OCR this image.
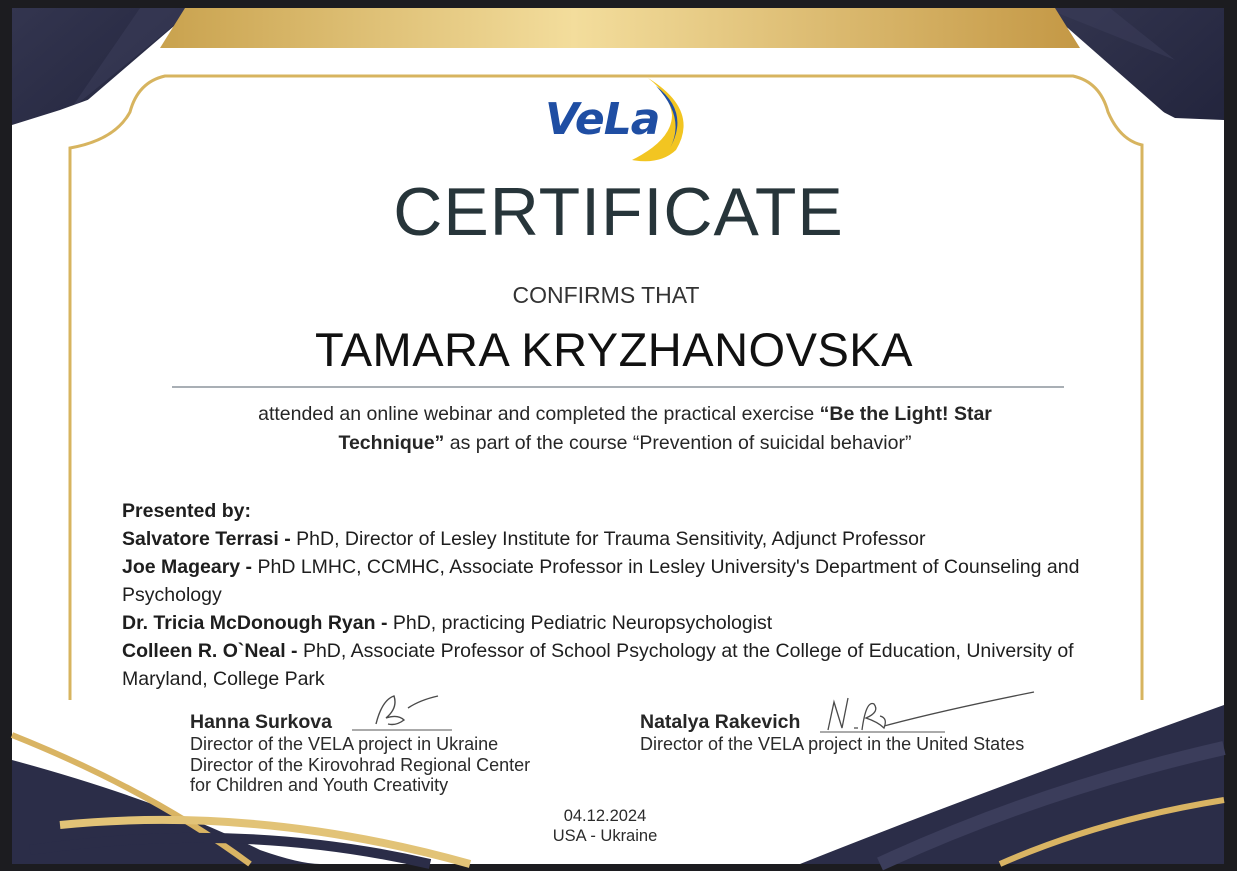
VeLa
CERTIFICATE
CONFIRMS THAT
TAMARA KRYZHANOVSKA
attended an online webinar and completed the practical exercise “Be the Light! Star Technique” as part of the course “Prevention of suicidal behavior”

Presented by:

Salvatore Terrasi - PhD, Director of Lesley Institute for Trauma Sensitivity, Adjunct Professor

Joe Mageary - PhD LMHC, CCMHC, Associate Professor in Lesley University's Department of Counseling and Psychology

Dr. Tricia McDonough Ryan - PhD, practicing Pediatric Neuropsychologist

Colleen R. O`Neal - PhD, Associate Professor of School Psychology at the College of Education, University of Maryland, College Park

Hanna Surkova
Director of the VELA project in Ukraine
Director of the Kirovohrad Regional Center
for Children and Youth Creativity
Natalya Rakevich
Director of the VELA project in the United States
04.12.2024
USA - Ukraine
